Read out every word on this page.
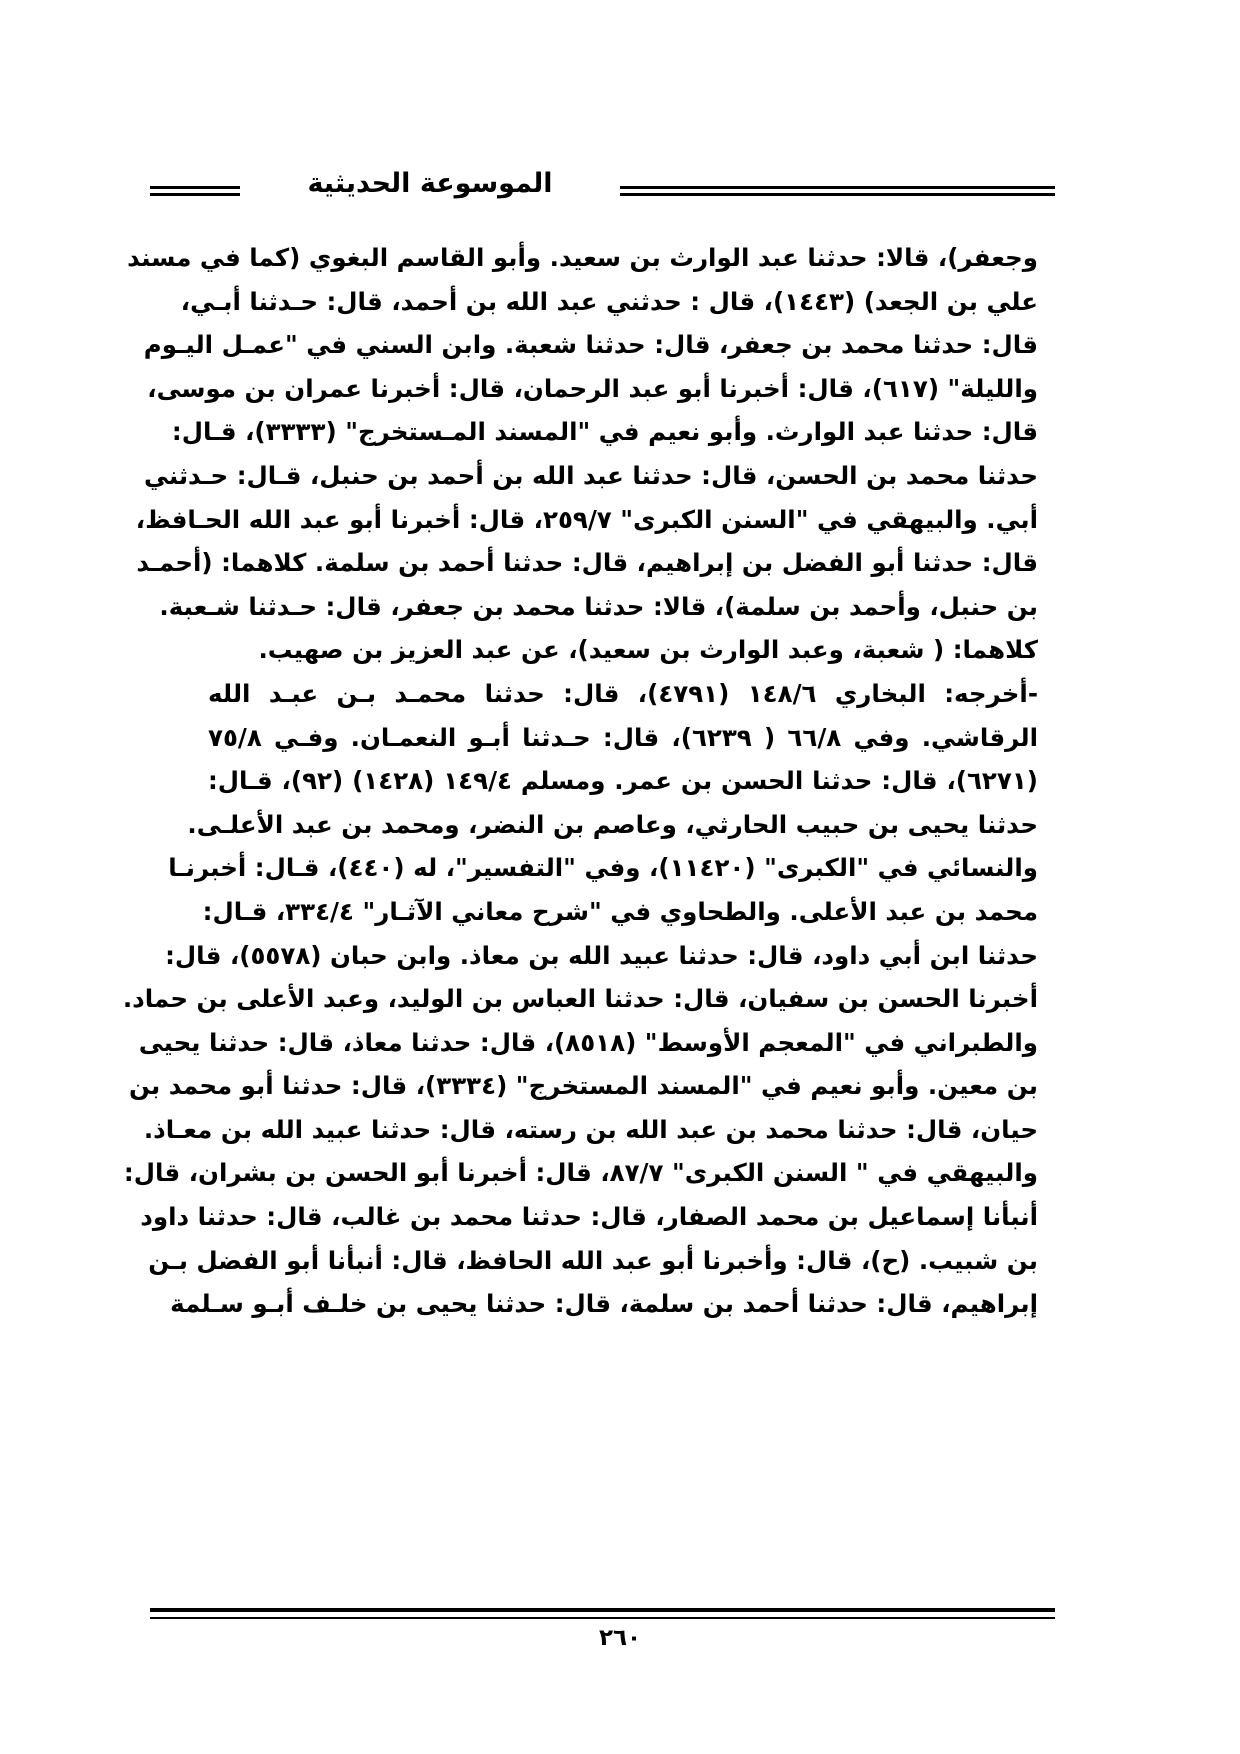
الموسوعة الحديثية
وجعفر)، قالا: حدثنا عبد الوارث بن سعيد. وأبو القاسم البغوي (كما في مسند
علي بن الجعد) (١٤٤٣)، قال : حدثني عبد الله بن أحمد، قال: حـدثنا أبـي،
قال: حدثنا محمد بن جعفر، قال: حدثنا شعبة. وابن السني في "عمـل اليـوم
والليلة" (٦١٧)، قال: أخبرنا أبو عبد الرحمان، قال: أخبرنا عمران بن موسى،
قال: حدثنا عبد الوارث. وأبو نعيم في "المسند المـستخرج" (٣٣٣٣)، قـال:
حدثنا محمد بن الحسن، قال: حدثنا عبد الله بن أحمد بن حنبل، قـال: حـدثني
أبي. والبيهقي في "السنن الكبرى" ٢٥٩/٧، قال: أخبرنا أبو عبد الله الحـافظ،
قال: حدثنا أبو الفضل بن إبراهيم، قال: حدثنا أحمد بن سلمة. كلاهما: (أحمـد
بن حنبل، وأحمد بن سلمة)، قالا: حدثنا محمد بن جعفر، قال: حـدثنا شـعبة.
كلاهما: ( شعبة، وعبد الوارث بن سعيد)، عن عبد العزيز بن صهيب.
-أخرجه: البخاري ١٤٨/٦ (٤٧٩١)، قال: حدثنا محمـد بـن عبـد الله
الرقاشي. وفي ٦٦/٨ ( ٦٢٣٩)، قال: حـدثنا أبـو النعمـان. وفـي ٧٥/٨
(٦٢٧١)، قال: حدثنا الحسن بن عمر. ومسلم ١٤٩/٤ (١٤٢٨) (٩٢)، قـال:
حدثنا يحيى بن حبيب الحارثي، وعاصم بن النضر، ومحمد بن عبد الأعلـى.
والنسائي في "الكبرى" (١١٤٢٠)، وفي "التفسير"، له (٤٤٠)، قـال: أخبرنـا
محمد بن عبد الأعلى. والطحاوي في "شرح معاني الآثـار" ٣٣٤/٤، قـال:
حدثنا ابن أبي داود، قال: حدثنا عبيد الله بن معاذ. وابن حبان (٥٥٧٨)، قال:
أخبرنا الحسن بن سفيان، قال: حدثنا العباس بن الوليد، وعبد الأعلى بن حماد.
والطبراني في "المعجم الأوسط" (٨٥١٨)، قال: حدثنا معاذ، قال: حدثنا يحيى
بن معين. وأبو نعيم في "المسند المستخرج" (٣٣٣٤)، قال: حدثنا أبو محمد بن
حيان، قال: حدثنا محمد بن عبد الله بن رسته، قال: حدثنا عبيد الله بن معـاذ.
والبيهقي في " السنن الكبرى" ٨٧/٧، قال: أخبرنا أبو الحسن بن بشران، قال:
أنبأنا إسماعيل بن محمد الصفار، قال: حدثنا محمد بن غالب، قال: حدثنا داود
بن شبيب. (ح)، قال: وأخبرنا أبو عبد الله الحافظ، قال: أنبأنا أبو الفضل بـن
إبراهيم، قال: حدثنا أحمد بن سلمة، قال: حدثنا يحيى بن خلـف أبـو سـلمة
٢٦٠
